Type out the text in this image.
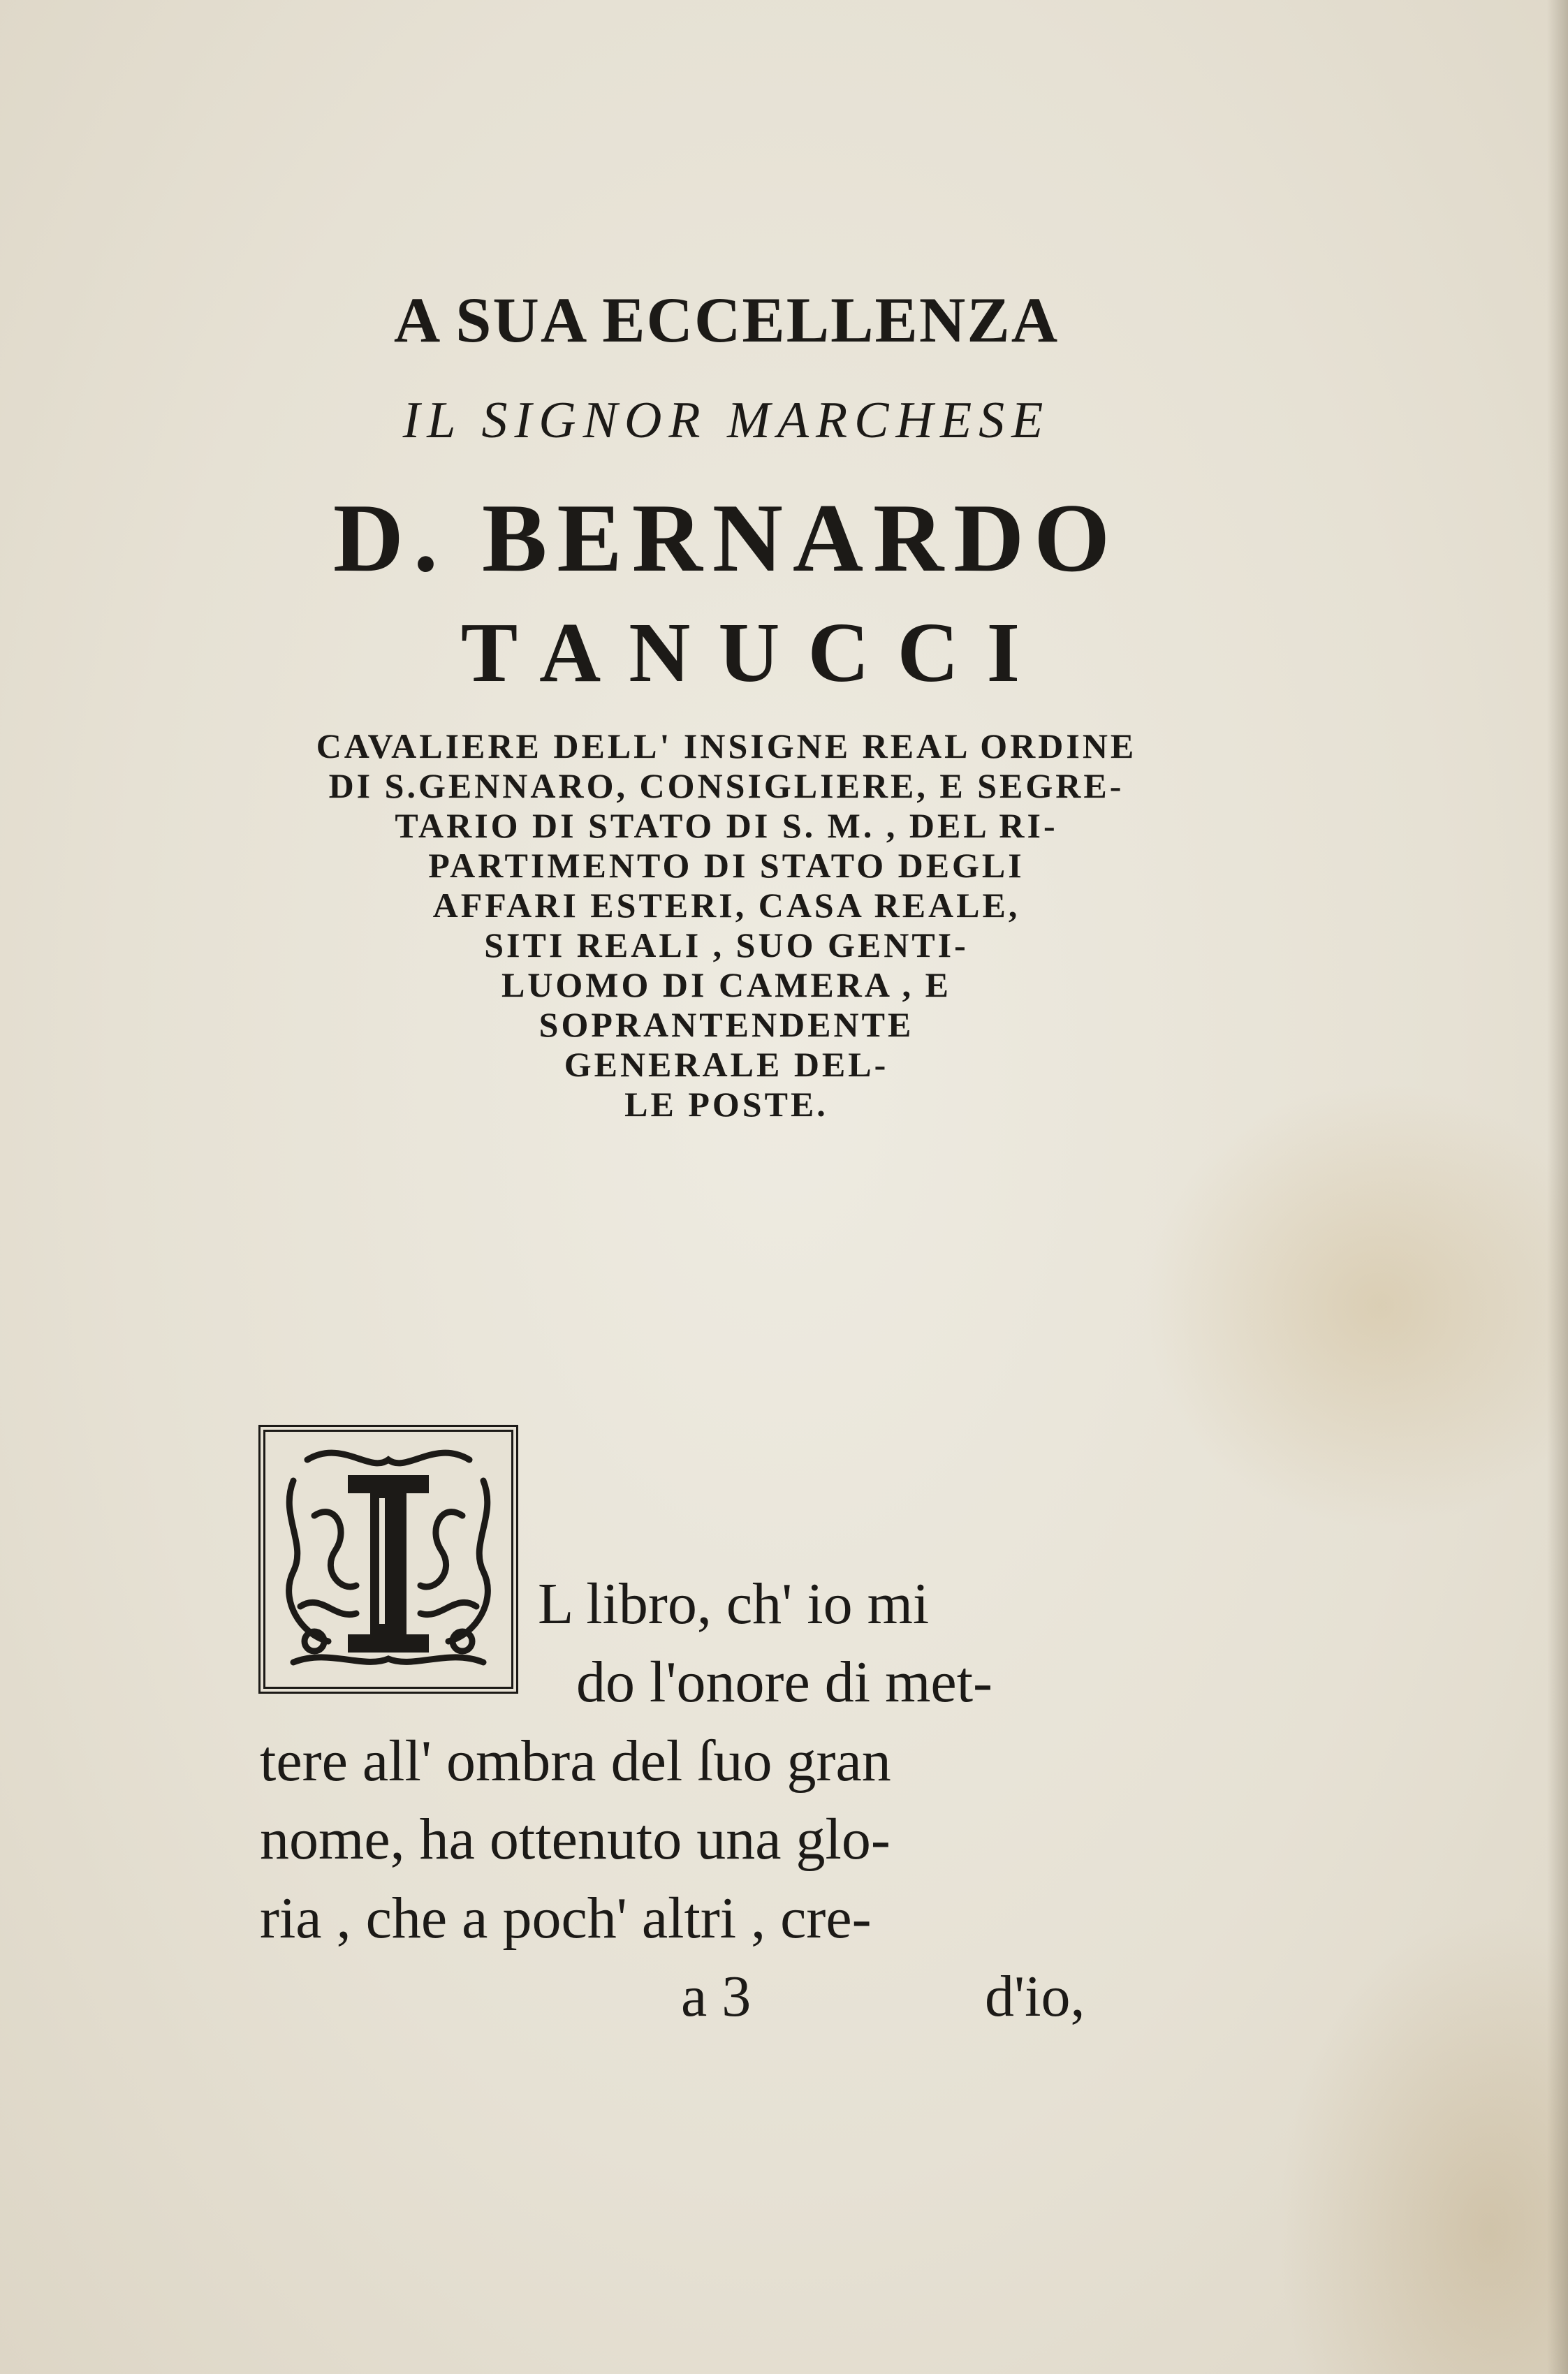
A SUA ECCELLENZA
IL SIGNOR MARCHESE
D. BERNARDO
TANUCCI
CAVALIERE DELL' INSIGNE REAL ORDINE
DI S.GENNARO, CONSIGLIERE, E SEGRE-
TARIO DI STATO DI S. M. , DEL RI-
PARTIMENTO DI STATO DEGLI
AFFARI ESTERI, CASA REALE,
SITI REALI , SUO GENTI-
LUOMO DI CAMERA , E
SOPRANTENDENTE
GENERALE DEL-
LE POSTE.
L libro, ch' io mi
do l'onore di met-
tere all' ombra del ſuo gran
nome, ha ottenuto una glo-
ria , che a poch' altri , cre-
a 3	d'io,
